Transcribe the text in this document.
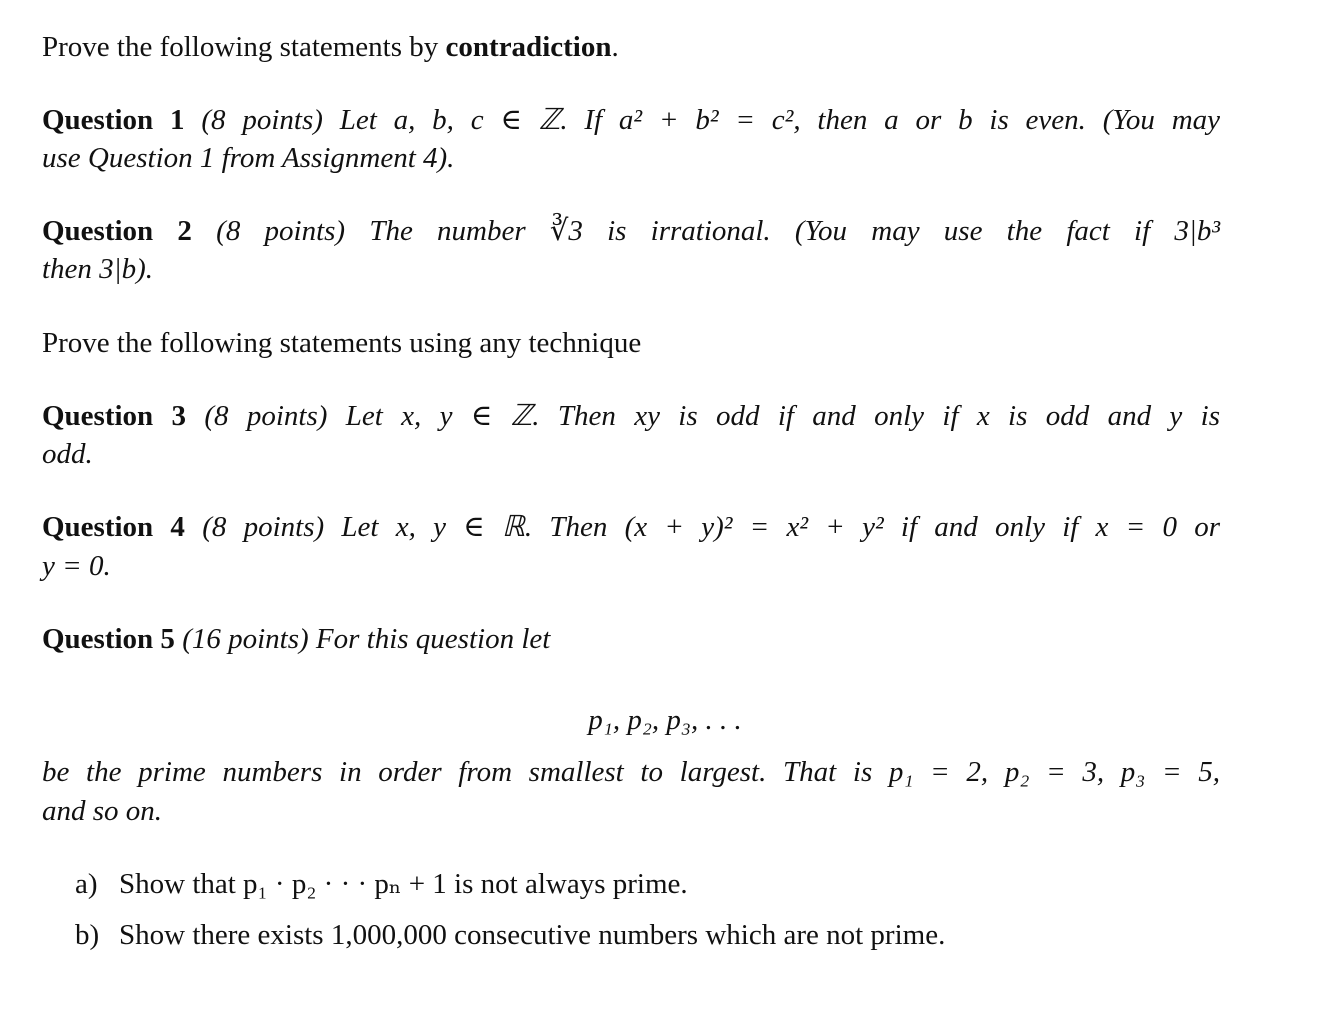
Prove the following statements by contradiction.
Question 1 (8 points) Let a, b, c ∈ ℤ. If a² + b² = c², then a or b is even. (You may
use Question 1 from Assignment 4).
Question 2 (8 points) The number ∛3 is irrational. (You may use the fact if 3|b³
then 3|b).
Prove the following statements using any technique
Question 3 (8 points) Let x, y ∈ ℤ. Then xy is odd if and only if x is odd and y is
odd.
Question 4 (8 points) Let x, y ∈ ℝ. Then (x + y)² = x² + y² if and only if x = 0 or
y = 0.
Question 5 (16 points) For this question let
p₁, p₂, p₃, . . .
be the prime numbers in order from smallest to largest. That is p₁ = 2, p₂ = 3, p₃ = 5,
and so on.
a) Show that p₁ · p₂ · · · pₙ + 1 is not always prime.
b) Show there exists 1,000,000 consecutive numbers which are not prime.
